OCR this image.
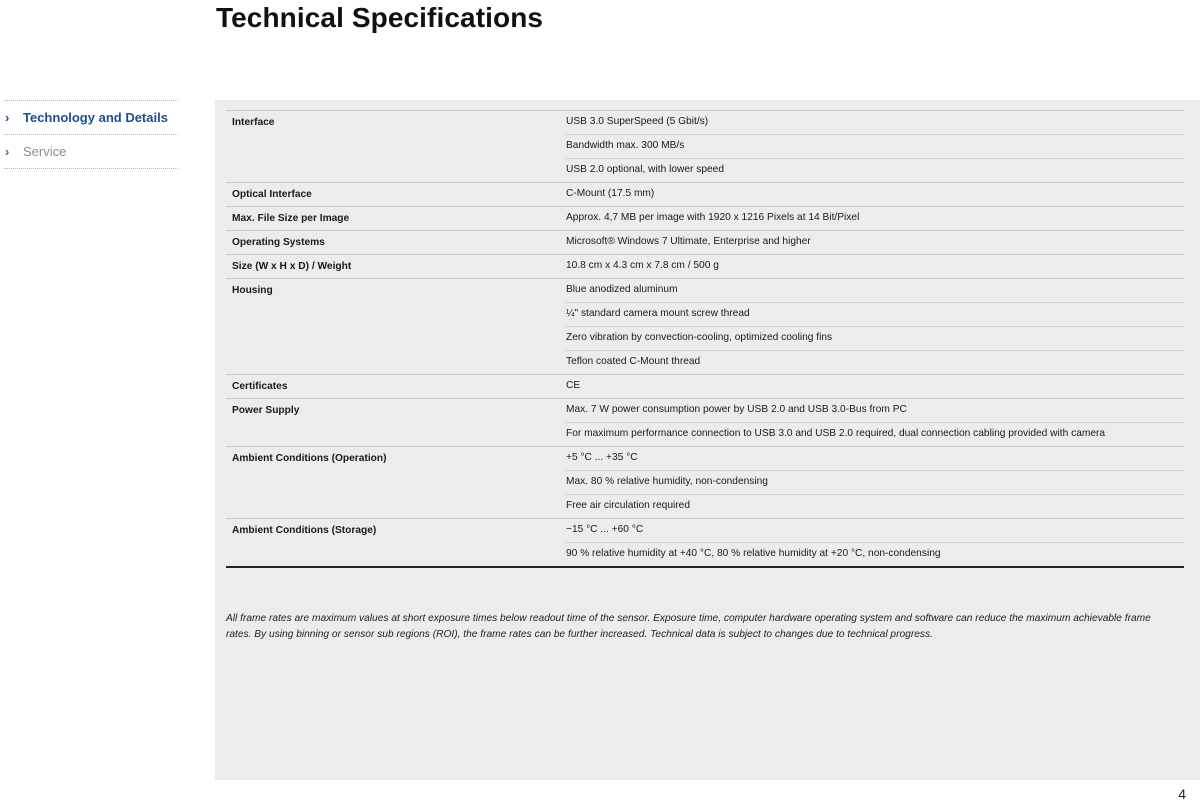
Technical Specifications
›	Technology and Details
›	Service
Interface	USB 3.0 SuperSpeed (5 Gbit/s)
Bandwidth max. 300 MB/s
USB 2.0 optional, with lower speed

Optical Interface	C-Mount (17.5 mm)

Max. File Size per Image	Approx. 4,7 MB per image with 1920 x 1216 Pixels at 14 Bit/Pixel

Operating Systems	Microsoft® Windows 7 Ultimate, Enterprise and higher

Size (W x H x D) / Weight	10.8 cm x 4.3 cm x 7.8 cm / 500 g

Housing	Blue anodized aluminum
¼" standard camera mount screw thread
Zero vibration by convection-cooling, optimized cooling fins
Teflon coated C-Mount thread

Certificates	CE

Power Supply	Max. 7 W power consumption power by USB 2.0 and USB 3.0-Bus from PC
For maximum performance connection to USB 3.0 and USB 2.0 required, dual connection cabling provided with camera

Ambient Conditions (Operation)	+5 °C ... +35 °C
Max. 80 % relative humidity, non-condensing
Free air circulation required

Ambient Conditions (Storage)	−15 °C ... +60 °C
90 % relative humidity at +40 °C, 80 % relative humidity at +20 °C, non-condensing

All frame rates are maximum values at short exposure times below readout time of the sensor. Exposure time, computer hardware operating system and software can reduce the maximum achievable frame rates. By using binning or sensor sub regions (ROI), the frame rates can be further increased. Technical data is subject to changes due to technical progress.

4
